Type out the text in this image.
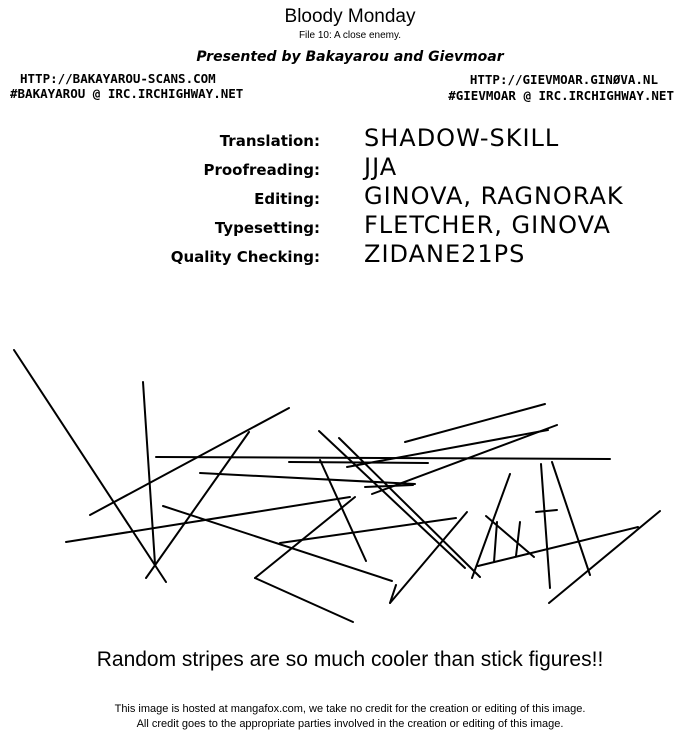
Bloody Monday
File 10: A close enemy.
Presented by Bakayarou and Gievmoar
HTTP://BAKAYAROU-SCANS.COM
#BAKAYAROU @ IRC.IRCHIGHWAY.NET
HTTP://GIEVMOAR.GINØVA.NL
#GIEVMOAR @ IRC.IRCHIGHWAY.NET
Translation: SHADOW-SKILL
Proofreading: JJA
Editing: GINOVA, RAGNORAK
Typesetting: FLETCHER, GINOVA
Quality Checking: ZIDANE21PS
Random stripes are so much cooler than stick figures!!
This image is hosted at mangafox.com, we take no credit for the creation or editing of this image.
All credit goes to the appropriate parties involved in the creation or editing of this image.
